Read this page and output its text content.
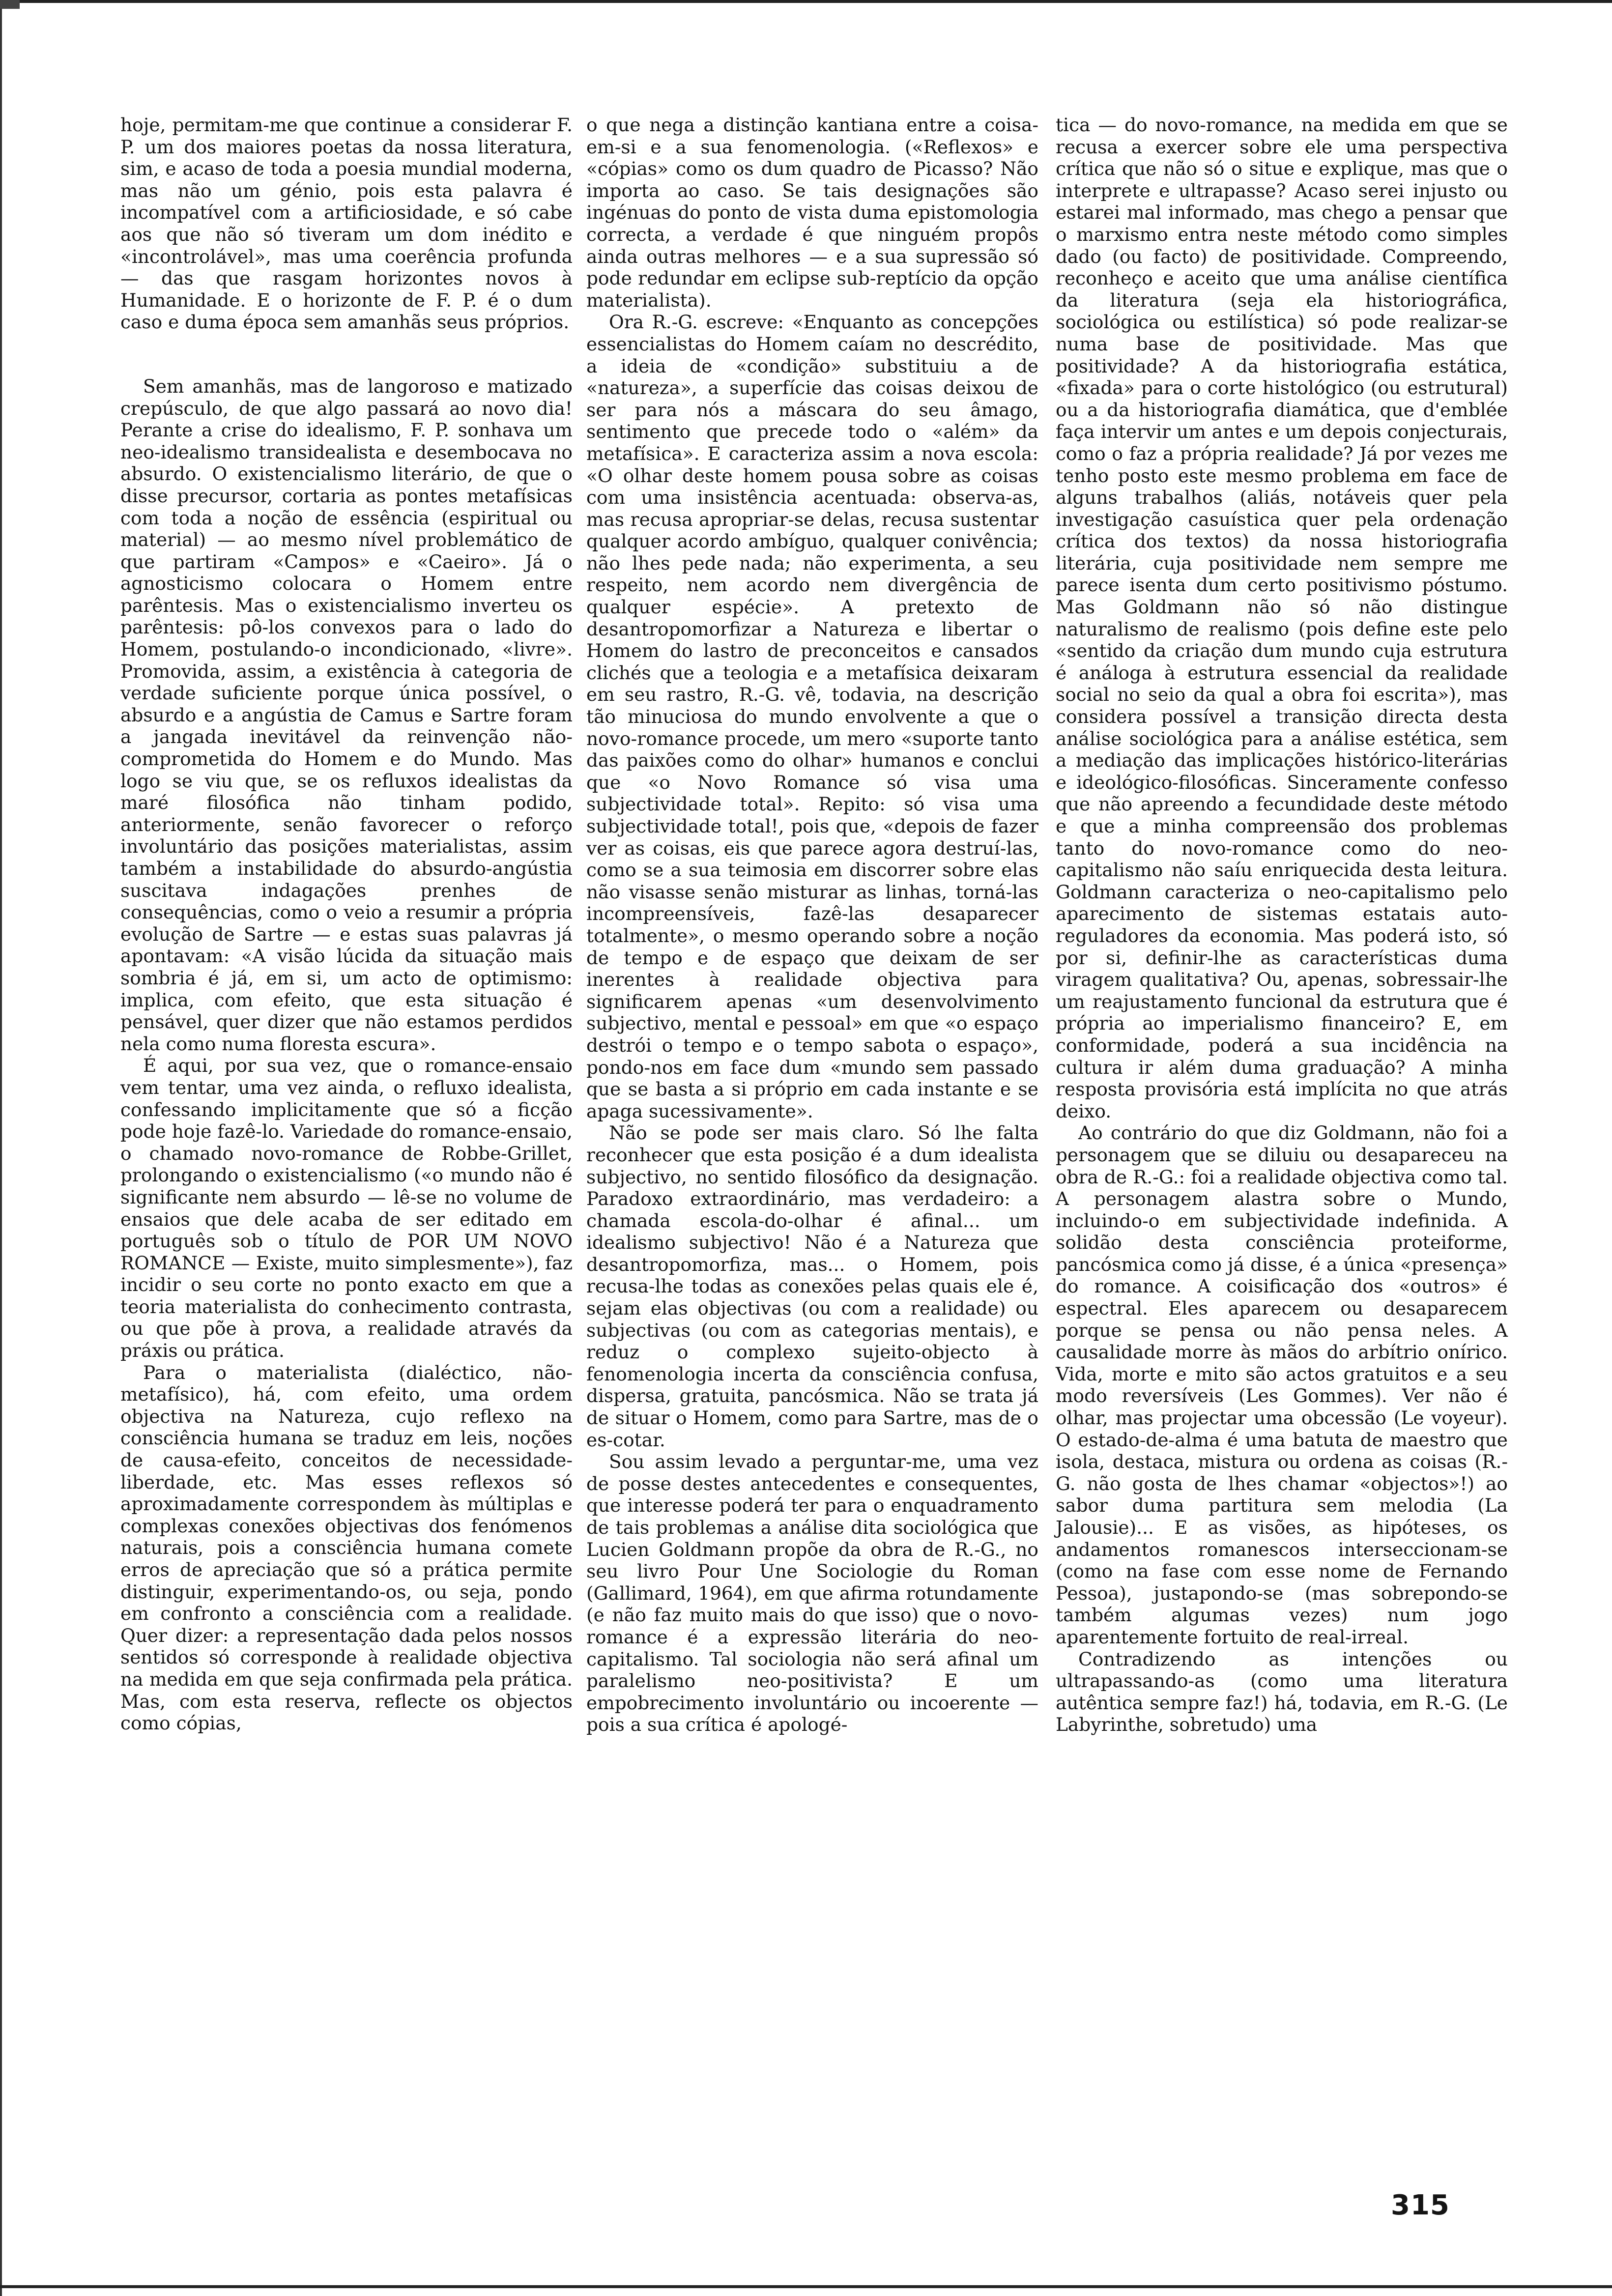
hoje, permitam-me que continue a considerar F. P. um dos maiores poetas da nossa literatura, sim, e acaso de toda a poesia mundial moderna, mas não um génio, pois esta palavra é incompatível com a artificiosidade, e só cabe aos que não só tiveram um dom inédito e «incontrolável», mas uma coerência profunda — das que rasgam horizontes novos à Humanidade. E o horizonte de F. P. é o dum caso e duma época sem amanhãs seus próprios.

Sem amanhãs, mas de langoroso e matizado crepúsculo, de que algo passará ao novo dia! Perante a crise do idealismo, F. P. sonhava um neo-idealismo transidealista e desembocava no absurdo. O existencialismo literário, de que o disse precursor, cortaria as pontes metafísicas com toda a noção de essência (espiritual ou material) — ao mesmo nível problemático de que partiram «Campos» e «Caeiro». Já o agnosticismo colocara o Homem entre parêntesis. Mas o existencialismo inverteu os parêntesis: pô-los convexos para o lado do Homem, postulando-o incondicionado, «livre». Promovida, assim, a existência à categoria de verdade suficiente porque única possível, o absurdo e a angústia de Camus e Sartre foram a jangada inevitável da reinvenção não-comprometida do Homem e do Mundo. Mas logo se viu que, se os refluxos idealistas da maré filosófica não tinham podido, anteriormente, senão favorecer o reforço involuntário das posições materialistas, assim também a instabilidade do absurdo-angústia suscitava indagações prenhes de consequências, como o veio a resumir a própria evolução de Sartre — e estas suas palavras já apontavam: «A visão lúcida da situação mais sombria é já, em si, um acto de optimismo: implica, com efeito, que esta situação é pensável, quer dizer que não estamos perdidos nela como numa floresta escura».

É aqui, por sua vez, que o romance-ensaio vem tentar, uma vez ainda, o refluxo idealista, confessando implicitamente que só a ficção pode hoje fazê-lo. Variedade do romance-ensaio, o chamado novo-romance de Robbe-Grillet, prolongando o existencialismo («o mundo não é significante nem absurdo — lê-se no volume de ensaios que dele acaba de ser editado em português sob o título de POR UM NOVO ROMANCE — Existe, muito simplesmente»), faz incidir o seu corte no ponto exacto em que a teoria materialista do conhecimento contrasta, ou que põe à prova, a realidade através da práxis ou prática.

Para o materialista (dialéctico, não-metafísico), há, com efeito, uma ordem objectiva na Natureza, cujo reflexo na consciência humana se traduz em leis, noções de causa-efeito, conceitos de necessidade-liberdade, etc. Mas esses reflexos só aproximadamente correspondem às múltiplas e complexas conexões objectivas dos fenómenos naturais, pois a consciência humana comete erros de apreciação que só a prática permite distinguir, experimentando-os, ou seja, pondo em confronto a consciência com a realidade. Quer dizer: a representação dada pelos nossos sentidos só corresponde à realidade objectiva na medida em que seja confirmada pela prática. Mas, com esta reserva, reflecte os objectos como cópias,

o que nega a distinção kantiana entre a coisa-em-si e a sua fenomenologia. («Reflexos» e «cópias» como os dum quadro de Picasso? Não importa ao caso. Se tais designações são ingénuas do ponto de vista duma epistomologia correcta, a verdade é que ninguém propôs ainda outras melhores — e a sua supressão só pode redundar em eclipse sub-reptício da opção materialista).

Ora R.-G. escreve: «Enquanto as concepções essencialistas do Homem caíam no descrédito, a ideia de «condição» substituiu a de «natureza», a superfície das coisas deixou de ser para nós a máscara do seu âmago, sentimento que precede todo o «além» da metafísica». E caracteriza assim a nova escola: «O olhar deste homem pousa sobre as coisas com uma insistência acentuada: observa-as, mas recusa apropriar-se delas, recusa sustentar qualquer acordo ambíguo, qualquer conivência; não lhes pede nada; não experimenta, a seu respeito, nem acordo nem divergência de qualquer espécie». A pretexto de desantropomorfizar a Natureza e libertar o Homem do lastro de preconceitos e cansados clichés que a teologia e a metafísica deixaram em seu rastro, R.-G. vê, todavia, na descrição tão minuciosa do mundo envolvente a que o novo-romance procede, um mero «suporte tanto das paixões como do olhar» humanos e conclui que «o Novo Romance só visa uma subjectividade total». Repito: só visa uma subjectividade total!, pois que, «depois de fazer ver as coisas, eis que parece agora destruí-las, como se a sua teimosia em discorrer sobre elas não visasse senão misturar as linhas, torná-las incompreensíveis, fazê-las desaparecer totalmente», o mesmo operando sobre a noção de tempo e de espaço que deixam de ser inerentes à realidade objectiva para significarem apenas «um desenvolvimento subjectivo, mental e pessoal» em que «o espaço destrói o tempo e o tempo sabota o espaço», pondo-nos em face dum «mundo sem passado que se basta a si próprio em cada instante e se apaga sucessivamente».

Não se pode ser mais claro. Só lhe falta reconhecer que esta posição é a dum idealista subjectivo, no sentido filosófico da designação. Paradoxo extraordinário, mas verdadeiro: a chamada escola-do-olhar é afinal... um idealismo subjectivo! Não é a Natureza que desantropomorfiza, mas... o Homem, pois recusa-lhe todas as conexões pelas quais ele é, sejam elas objectivas (ou com a realidade) ou subjectivas (ou com as categorias mentais), e reduz o complexo sujeito-objecto à fenomenologia incerta da consciência confusa, dispersa, gratuita, pancósmica. Não se trata já de situar o Homem, como para Sartre, mas de o es-cotar.

Sou assim levado a perguntar-me, uma vez de posse destes antecedentes e consequentes, que interesse poderá ter para o enquadramento de tais problemas a análise dita sociológica que Lucien Goldmann propõe da obra de R.-G., no seu livro Pour Une Sociologie du Roman (Gallimard, 1964), em que afirma rotundamente (e não faz muito mais do que isso) que o novo-romance é a expressão literária do neo-capitalismo. Tal sociologia não será afinal um paralelismo neo-positivista? E um empobrecimento involuntário ou incoerente — pois a sua crítica é apologé-

tica — do novo-romance, na medida em que se recusa a exercer sobre ele uma perspectiva crítica que não só o situe e explique, mas que o interprete e ultrapasse? Acaso serei injusto ou estarei mal informado, mas chego a pensar que o marxismo entra neste método como simples dado (ou facto) de positividade. Compreendo, reconheço e aceito que uma análise científica da literatura (seja ela historiográfica, sociológica ou estilística) só pode realizar-se numa base de positividade. Mas que positividade? A da historiografia estática, «fixada» para o corte histológico (ou estrutural) ou a da historiografia diamática, que d'emblée faça intervir um antes e um depois conjecturais, como o faz a própria realidade? Já por vezes me tenho posto este mesmo problema em face de alguns trabalhos (aliás, notáveis quer pela investigação casuística quer pela ordenação crítica dos textos) da nossa historiografia literária, cuja positividade nem sempre me parece isenta dum certo positivismo póstumo. Mas Goldmann não só não distingue naturalismo de realismo (pois define este pelo «sentido da criação dum mundo cuja estrutura é análoga à estrutura essencial da realidade social no seio da qual a obra foi escrita»), mas considera possível a transição directa desta análise sociológica para a análise estética, sem a mediação das implicações histórico-literárias e ideológico-filosóficas. Sinceramente confesso que não apreendo a fecundidade deste método e que a minha compreensão dos problemas tanto do novo-romance como do neo-capitalismo não saíu enriquecida desta leitura. Goldmann caracteriza o neo-capitalismo pelo aparecimento de sistemas estatais auto-reguladores da economia. Mas poderá isto, só por si, definir-lhe as características duma viragem qualitativa? Ou, apenas, sobressair-lhe um reajustamento funcional da estrutura que é própria ao imperialismo financeiro? E, em conformidade, poderá a sua incidência na cultura ir além duma graduação? A minha resposta provisória está implícita no que atrás deixo.

Ao contrário do que diz Goldmann, não foi a personagem que se diluiu ou desapareceu na obra de R.-G.: foi a realidade objectiva como tal. A personagem alastra sobre o Mundo, incluindo-o em subjectividade indefinida. A solidão desta consciência proteiforme, pancósmica como já disse, é a única «presença» do romance. A coisificação dos «outros» é espectral. Eles aparecem ou desaparecem porque se pensa ou não pensa neles. A causalidade morre às mãos do arbítrio onírico. Vida, morte e mito são actos gratuitos e a seu modo reversíveis (Les Gommes). Ver não é olhar, mas projectar uma obcessão (Le voyeur). O estado-de-alma é uma batuta de maestro que isola, destaca, mistura ou ordena as coisas (R.-G. não gosta de lhes chamar «objectos»!) ao sabor duma partitura sem melodia (La Jalousie)... E as visões, as hipóteses, os andamentos romanescos interseccionam-se (como na fase com esse nome de Fernando Pessoa), justapondo-se (mas sobrepondo-se também algumas vezes) num jogo aparentemente fortuito de real-irreal.

Contradizendo as intenções ou ultrapassando-as (como uma literatura autêntica sempre faz!) há, todavia, em R.-G. (Le Labyrinthe, sobretudo) uma

315
